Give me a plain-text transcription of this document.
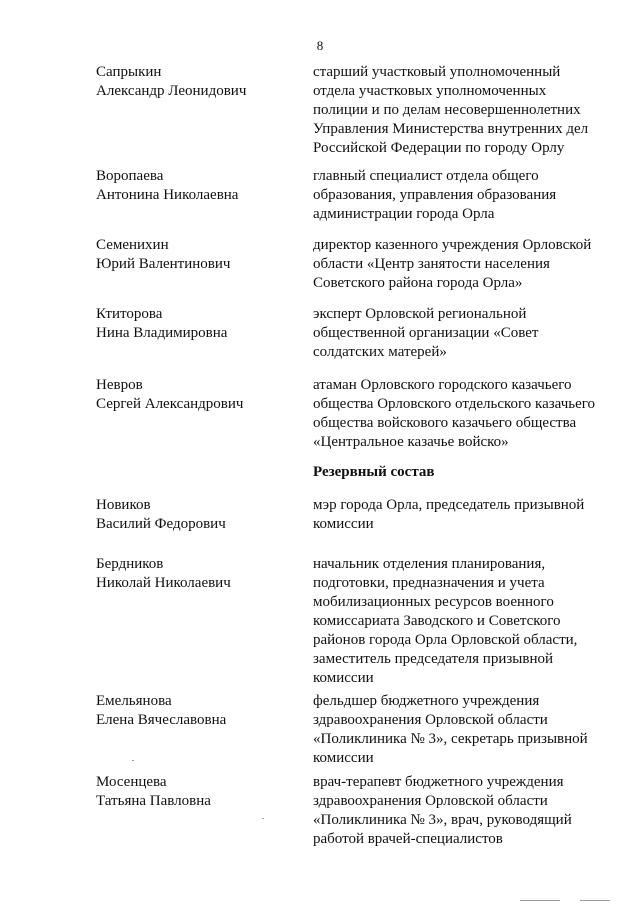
8
Сапрыкин
Александр Леонидович
старший участковый уполномоченный
отдела участковых уполномоченных
полиции и по делам несовершеннолетних
Управления Министерства внутренних дел
Российской Федерации по городу Орлу
Воропаева
Антонина Николаевна
главный специалист отдела общего
образования, управления образования
администрации города Орла
Семенихин
Юрий Валентинович
директор казенного учреждения Орловской
области «Центр занятости населения
Советского района города Орла»
Ктиторова
Нина Владимировна
эксперт Орловской региональной
общественной организации «Совет
солдатских матерей»
Невров
Сергей Александрович
атаман Орловского городского казачьего
общества Орловского отдельского казачьего
общества войскового казачьего общества
«Центральное казачье войско»
Резервный состав
Новиков
Василий Федорович
мэр города Орла, председатель призывной
комиссии
Бердников
Николай Николаевич
начальник отделения планирования,
подготовки, предназначения и учета
мобилизационных ресурсов военного
комиссариата Заводского и Советского
районов города Орла Орловской области,
заместитель председателя призывной
комиссии
Емельянова
Елена Вячеславовна
фельдшер бюджетного учреждения
здравоохранения Орловской области
«Поликлиника № 3», секретарь призывной
комиссии
Мосенцева
Татьяна Павловна
врач-терапевт бюджетного учреждения
здравоохранения Орловской области
«Поликлиника № 3», врач, руководящий
работой врачей-специалистов
